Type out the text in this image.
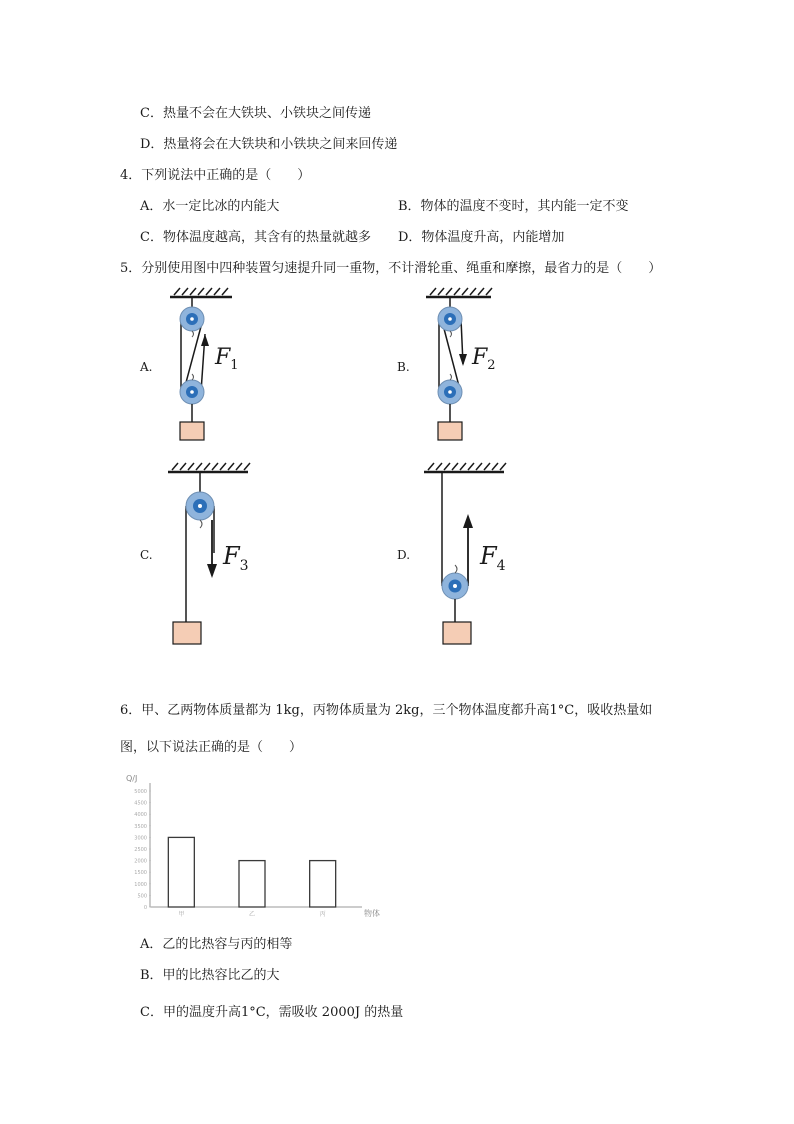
C．热量不会在大铁块、小铁块之间传递
D．热量将会在大铁块和小铁块之间来回传递
4．下列说法中正确的是（　　）
A．水一定比冰的内能大	B．物体的温度不变时，其内能一定不变
C．物体温度越高，其含有的热量就越多 D．物体温度升高，内能增加
5．分别使用图中四种装置匀速提升同一重物，不计滑轮重、绳重和摩擦，最省力的是（　　）
A.	$F_1$	B.	$F_2$
C.	$F_3$
D.	$F_4$
6．甲、乙两物体质量都为 1kg，丙物体质量为 2kg，三个物体温度都升高1°C，吸收热量如
图，以下说法正确的是（　　）
Q/J
物体
0
500
1000
1500
2000
2500
3000
3500
4000
4500
5000
甲	乙	丙
A．乙的比热容与丙的相等
B．甲的比热容比乙的大
C．甲的温度升高1°C，需吸收 2000J 的热量
